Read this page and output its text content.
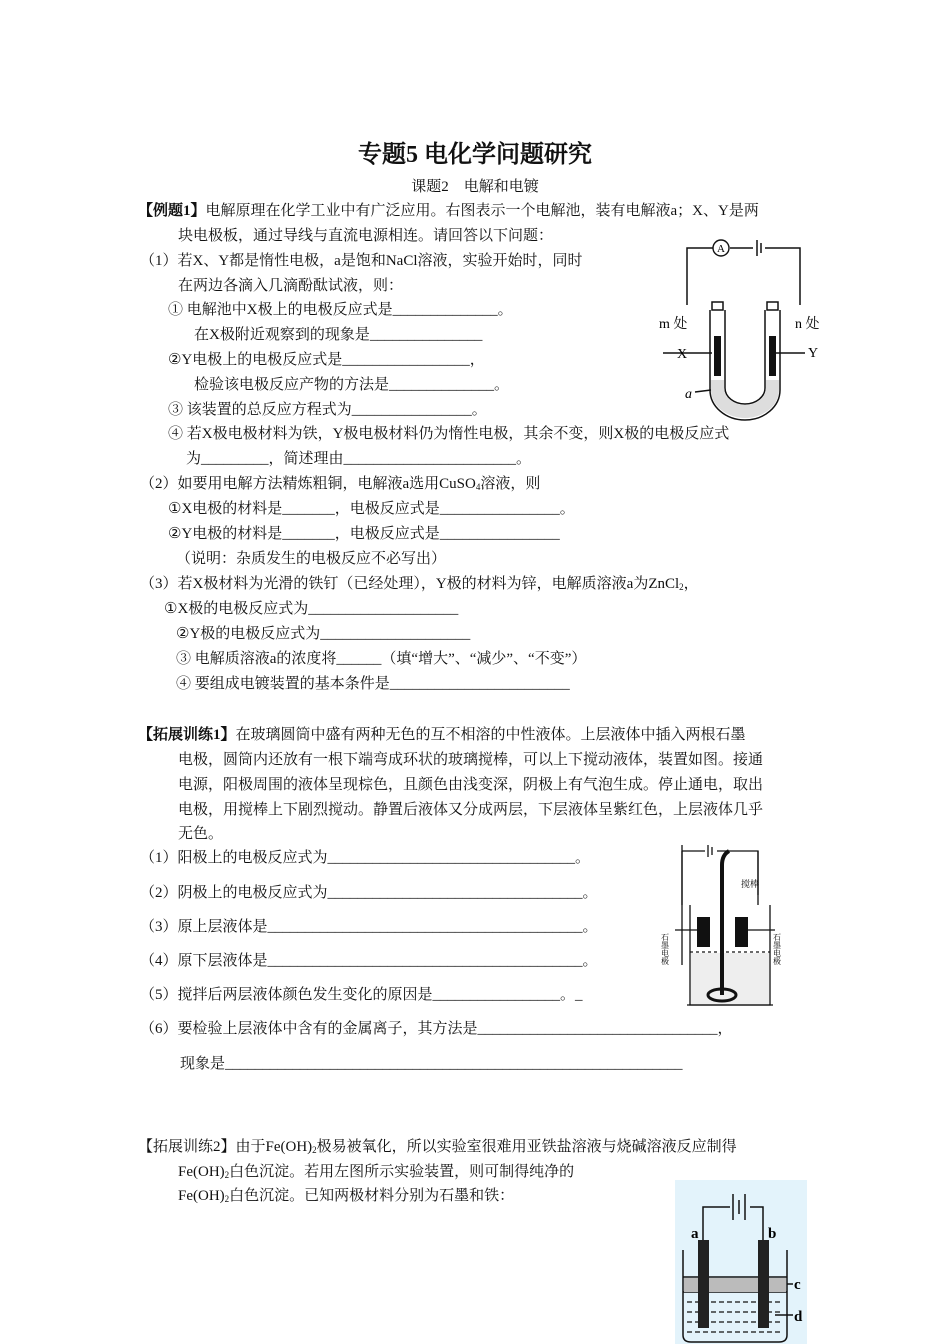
专题5 电化学问题研究
课题2　电解和电镀
【例题1】电解原理在化学工业中有广泛应用。右图表示一个电解池，装有电解液a；X、Y是两
块电极板，通过导线与直流电源相连。请回答以下问题：
（1）若X、Y都是惰性电极，a是饱和NaCl溶液，实验开始时，同时
在两边各滴入几滴酚酞试液，则：
① 电解池中X极上的电极反应式是______________。
在X极附近观察到的现象是_______________
②Y电极上的电极反应式是_________________，
检验该电极反应产物的方法是______________。
③ 该装置的总反应方程式为________________。
④ 若X极电极材料为铁，Y极电极材料仍为惰性电极，其余不变，则X极的电极反应式
为_________，简述理由_______________________。
（2）如要用电解方法精炼粗铜，电解液a选用CuSO$_4$溶液，则
①X电极的材料是_______，电极反应式是________________。
②Y电极的材料是_______，电极反应式是________________
（说明：杂质发生的电极反应不必写出）
（3）若X极材料为光滑的铁钉（已经处理），Y极的材料为锌，电解质溶液a为ZnCl$_2$，
①X极的电极反应式为____________________
②Y极的电极反应式为____________________
③ 电解质溶液a的浓度将______（填“增大”、“减少”、“不变”）
④ 要组成电镀装置的基本条件是________________________
A
m 处	n 处
X	Y
a
【拓展训练1】在玻璃圆筒中盛有两种无色的互不相溶的中性液体。上层液体中插入两根石墨
电极，圆筒内还放有一根下端弯成环状的玻璃搅棒，可以上下搅动液体，装置如图。接通
电源，阳极周围的液体呈现棕色，且颜色由浅变深，阴极上有气泡生成。停止通电，取出
电极，用搅棒上下剧烈搅动。静置后液体又分成两层，下层液体呈紫红色，上层液体几乎
无色。
（1）阳极上的电极反应式为_________________________________。
（2）阴极上的电极反应式为__________________________________。
（3）原上层液体是__________________________________________。
（4）原下层液体是__________________________________________。
（5）搅拌后两层液体颜色发生变化的原因是_________________。_
（6）要检验上层液体中含有的金属离子，其方法是________________________________，
现象是_____________________________________________________________
搅棒
石墨电极	石墨电极
【拓展训练2】由于$Fe(OH)_2$极易被氧化，所以实验室很难用亚铁盐溶液与烧碱溶液反应制得
$Fe(OH)_2$白色沉淀。若用左图所示实验装置，则可制得纯净的
$Fe(OH)_2$白色沉淀。已知两极材料分别为石墨和铁：
a	b
c
d
